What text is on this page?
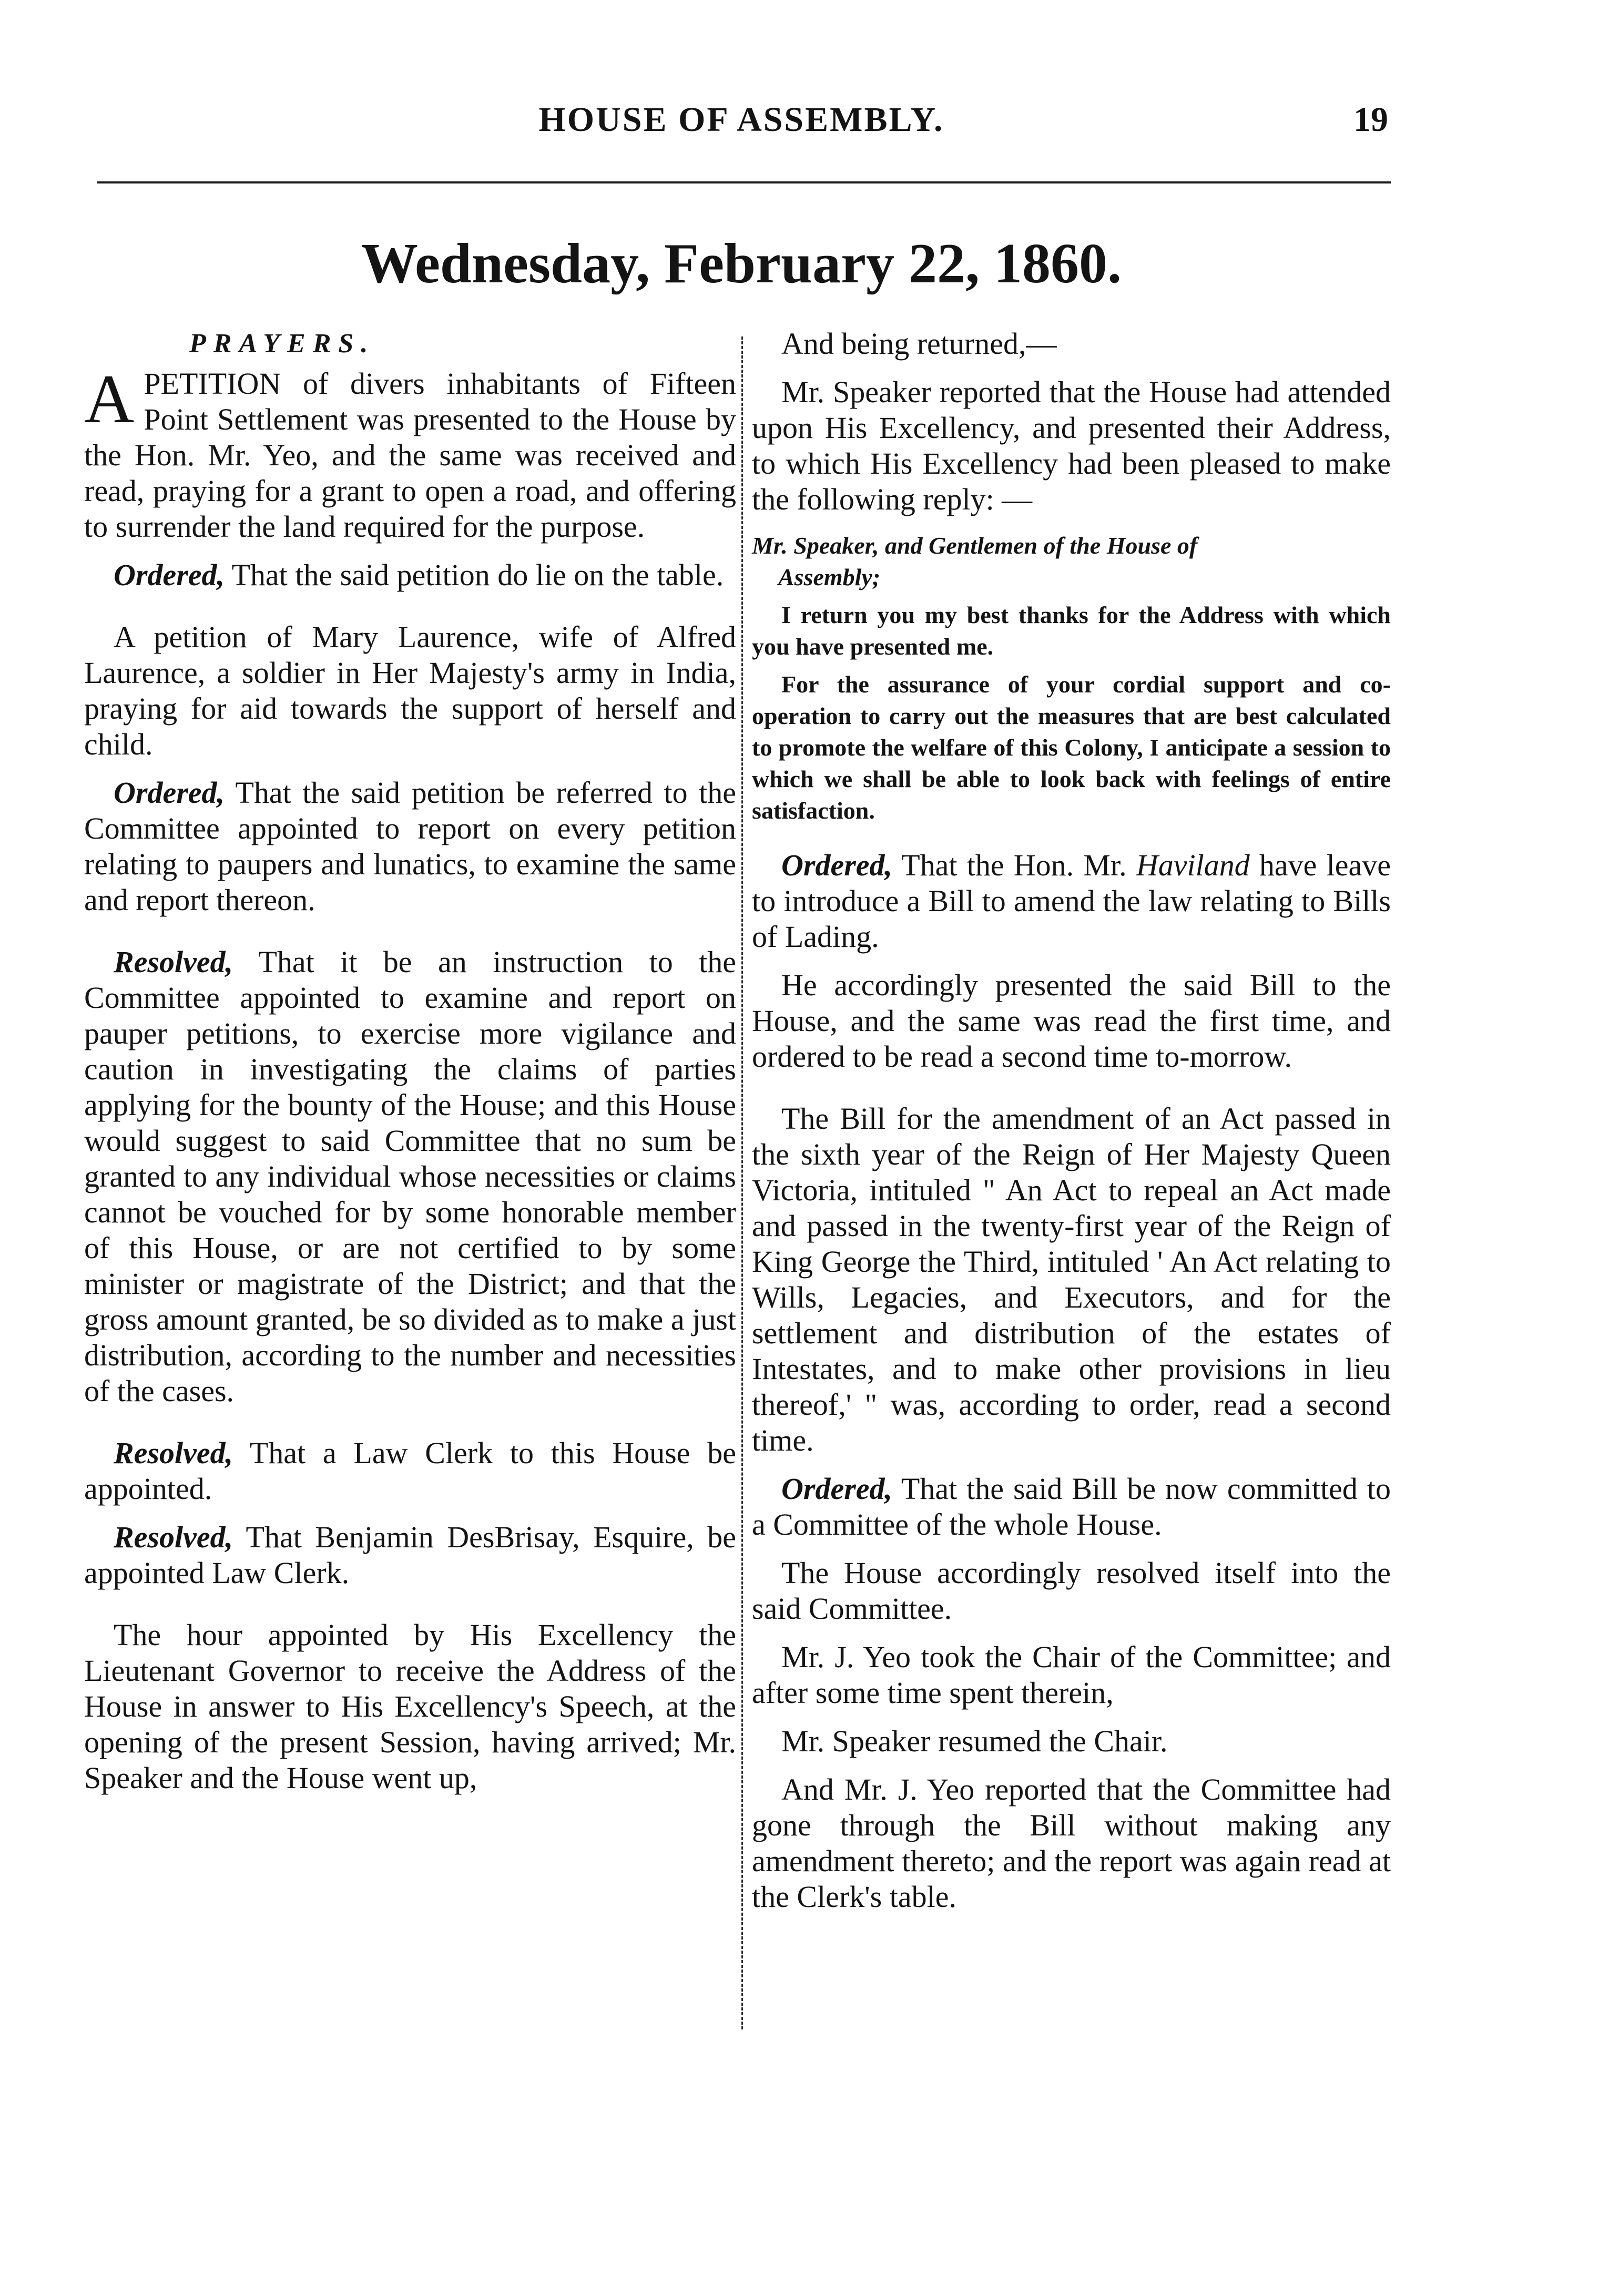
HOUSE OF ASSEMBLY.	19
Wednesday, February 22, 1860.
PRAYERS.

A PETITION of divers inhabitants of Fifteen Point Settlement was presented to the House by the Hon. Mr. Yeo, and the same was received and read, praying for a grant to open a road, and offering to surrender the land required for the purpose.

Ordered, That the said petition do lie on the table.

A petition of Mary Laurence, wife of Alfred Laurence, a soldier in Her Majesty's army in India, praying for aid towards the support of herself and child.

Ordered, That the said petition be referred to the Committee appointed to report on every petition relating to paupers and lunatics, to examine the same and report thereon.

Resolved, That it be an instruction to the Committee appointed to examine and report on pauper petitions, to exercise more vigilance and caution in investigating the claims of parties applying for the bounty of the House; and this House would suggest to said Committee that no sum be granted to any individual whose necessities or claims cannot be vouched for by some honorable member of this House, or are not certified to by some minister or magistrate of the District; and that the gross amount granted, be so divided as to make a just distribution, according to the number and necessities of the cases.

Resolved, That a Law Clerk to this House be appointed.

Resolved, That Benjamin DesBrisay, Esquire, be appointed Law Clerk.

The hour appointed by His Excellency the Lieutenant Governor to receive the Address of the House in answer to His Excellency's Speech, at the opening of the present Session, having arrived; Mr. Speaker and the House went up,

And being returned,—

Mr. Speaker reported that the House had attended upon His Excellency, and presented their Address, to which His Excellency had been pleased to make the following reply: —

Mr. Speaker, and Gentlemen of the House of
Assembly;

I return you my best thanks for the Address with which you have presented me.

For the assurance of your cordial support and co-operation to carry out the measures that are best calculated to promote the welfare of this Colony, I anticipate a session to which we shall be able to look back with feelings of entire satisfaction.

Ordered, That the Hon. Mr. Haviland have leave to introduce a Bill to amend the law relating to Bills of Lading.

He accordingly presented the said Bill to the House, and the same was read the first time, and ordered to be read a second time to-morrow.

The Bill for the amendment of an Act passed in the sixth year of the Reign of Her Majesty Queen Victoria, intituled " An Act to repeal an Act made and passed in the twenty-first year of the Reign of King George the Third, intituled ' An Act relating to Wills, Legacies, and Executors, and for the settlement and distribution of the estates of Intestates, and to make other provisions in lieu thereof,' " was, according to order, read a second time.

Ordered, That the said Bill be now committed to a Committee of the whole House.

The House accordingly resolved itself into the said Committee.

Mr. J. Yeo took the Chair of the Committee; and after some time spent therein,

Mr. Speaker resumed the Chair.

And Mr. J. Yeo reported that the Committee had gone through the Bill without making any amendment thereto; and the report was again read at the Clerk's table.
